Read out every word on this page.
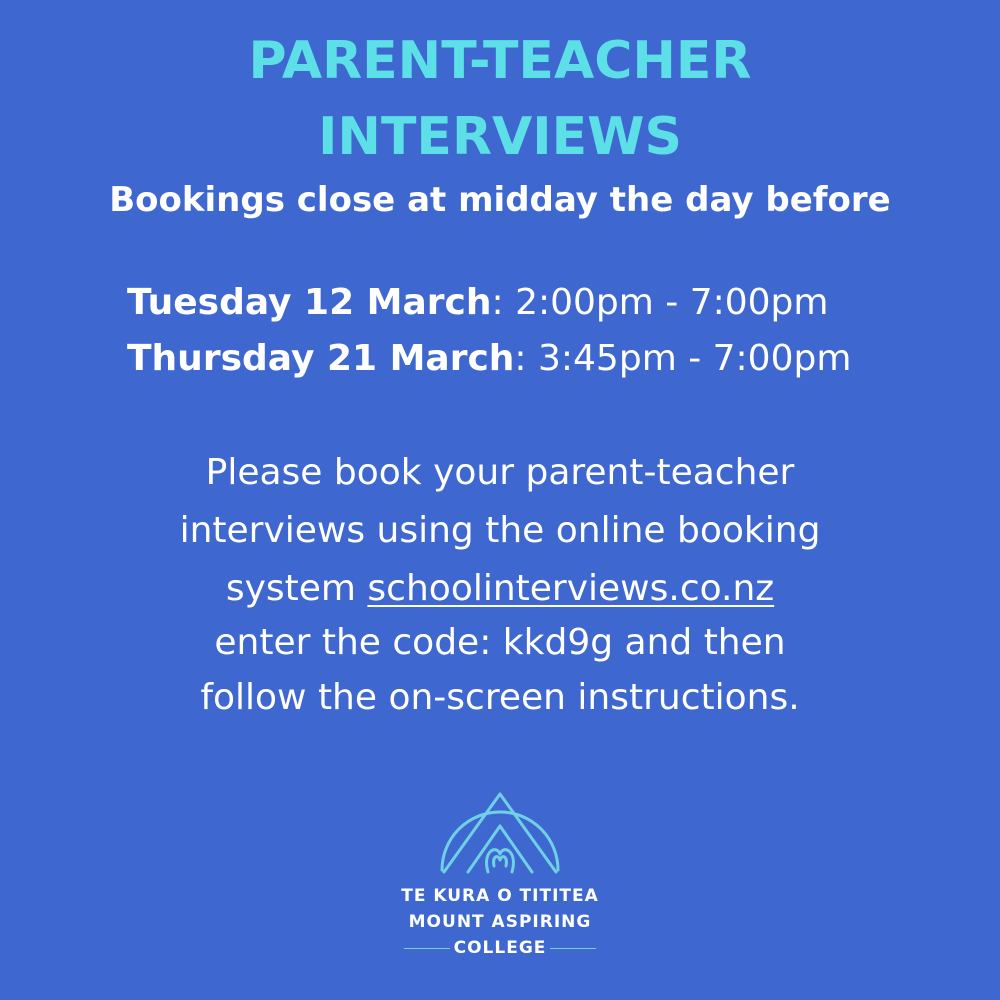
PARENT-TEACHER
INTERVIEWS

Bookings close at midday the day before

Tuesday 12 March: 2:00pm - 7:00pm

Thursday 21 March: 3:45pm - 7:00pm

Please book your parent-teacher

interviews using the online booking

system schoolinterviews.co.nz

enter the code: kkd9g and then

follow the on-screen instructions.

TE KURA O TITITEA

MOUNT ASPIRING

COLLEGE
